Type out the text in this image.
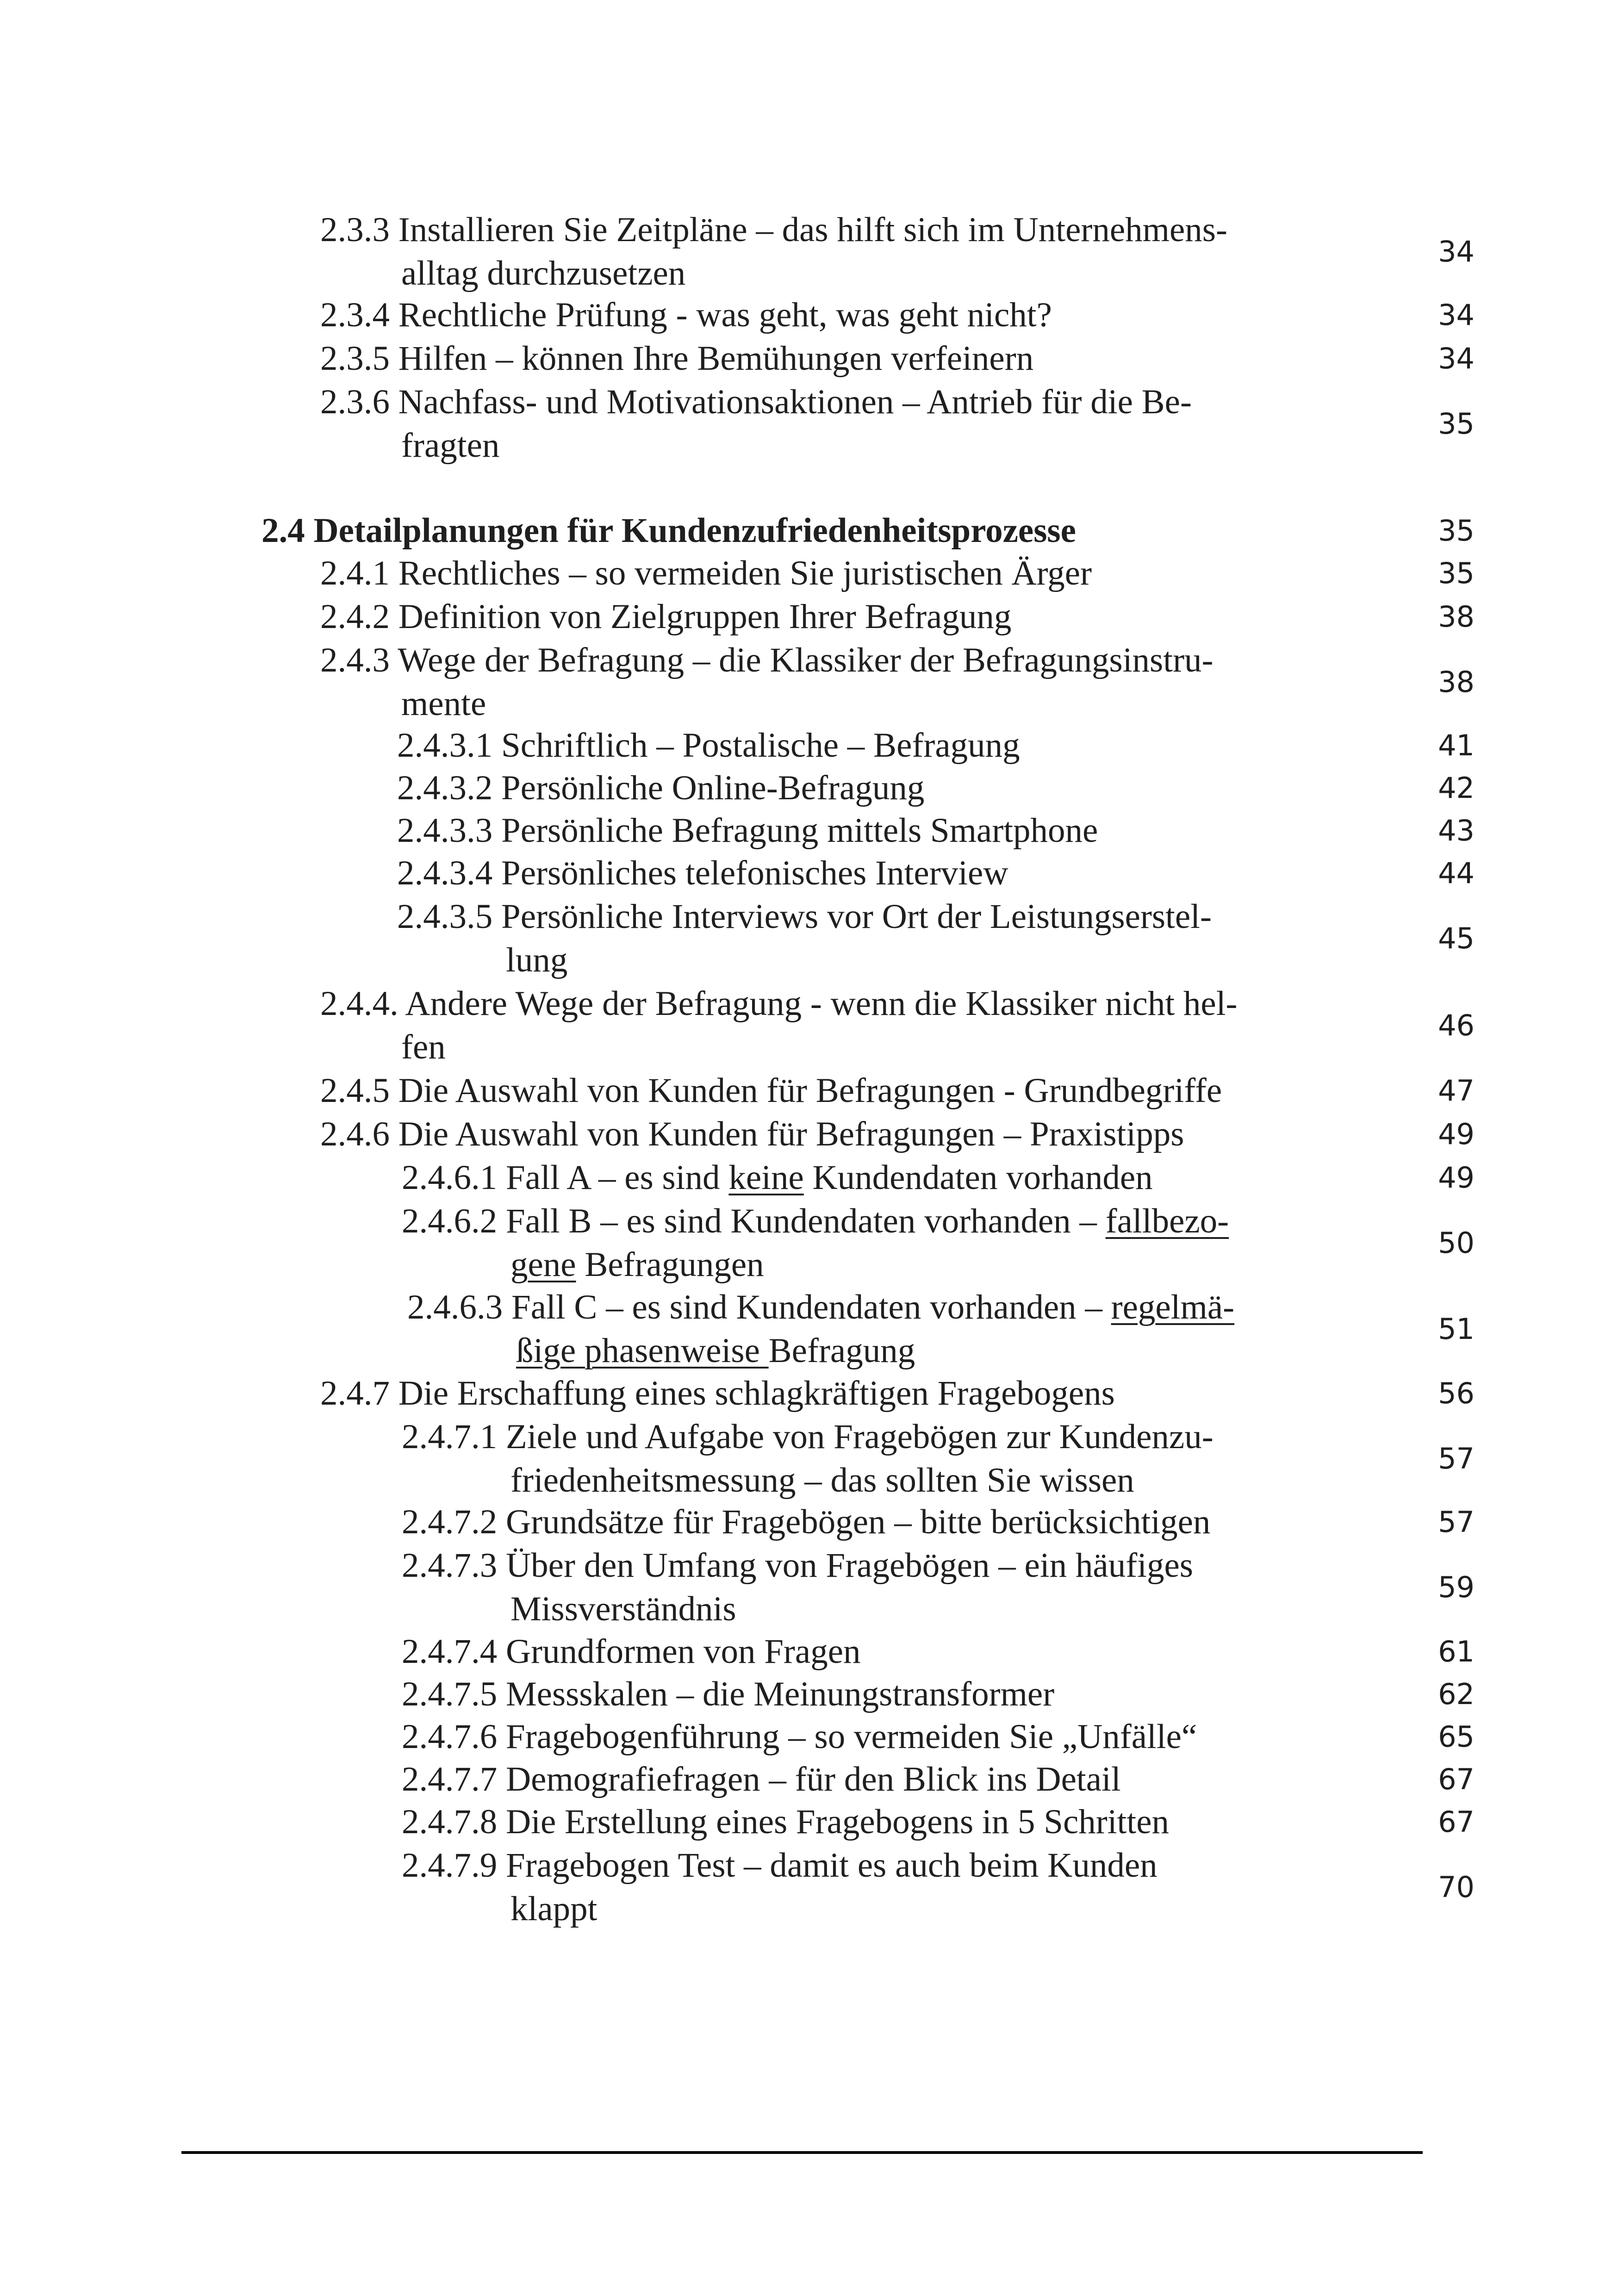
2.3.3 Installieren Sie Zeitpläne – das hilft sich im Unternehmens-
alltag durchzusetzen
34
2.3.4 Rechtliche Prüfung - was geht, was geht nicht?	34
2.3.5 Hilfen – können Ihre Bemühungen verfeinern	34
2.3.6 Nachfass- und Motivationsaktionen – Antrieb für die Be-
fragten
35
2.4 Detailplanungen für Kundenzufriedenheitsprozesse	35
2.4.1 Rechtliches – so vermeiden Sie juristischen Ärger	35
2.4.2 Definition von Zielgruppen Ihrer Befragung	38
2.4.3 Wege der Befragung – die Klassiker der Befragungsinstru-
mente
38
2.4.3.1 Schriftlich – Postalische – Befragung	41
2.4.3.2 Persönliche Online-Befragung	42
2.4.3.3 Persönliche Befragung mittels Smartphone	43
2.4.3.4 Persönliches telefonisches Interview	44
2.4.3.5 Persönliche Interviews vor Ort der Leistungserstel-
lung
45
2.4.4. Andere Wege der Befragung - wenn die Klassiker nicht hel-
fen
46
2.4.5 Die Auswahl von Kunden für Befragungen - Grundbegriffe	47
2.4.6 Die Auswahl von Kunden für Befragungen – Praxistipps	49
2.4.6.1 Fall A – es sind keine Kundendaten vorhanden	49
2.4.6.2 Fall B – es sind Kundendaten vorhanden – fallbezo-
gene Befragungen
50
2.4.6.3 Fall C – es sind Kundendaten vorhanden – regelmä-
ßige phasenweise Befragung
51
2.4.7 Die Erschaffung eines schlagkräftigen Fragebogens	56
2.4.7.1 Ziele und Aufgabe von Fragebögen zur Kundenzu-
friedenheitsmessung – das sollten Sie wissen
57
2.4.7.2 Grundsätze für Fragebögen – bitte berücksichtigen	57
2.4.7.3 Über den Umfang von Fragebögen – ein häufiges
Missverständnis
59
2.4.7.4 Grundformen von Fragen	61
2.4.7.5 Messskalen – die Meinungstransformer	62
2.4.7.6 Fragebogenführung – so vermeiden Sie „Unfälle“	65
2.4.7.7 Demografiefragen – für den Blick ins Detail	67
2.4.7.8 Die Erstellung eines Fragebogens in 5 Schritten	67
2.4.7.9 Fragebogen Test – damit es auch beim Kunden
klappt
70
